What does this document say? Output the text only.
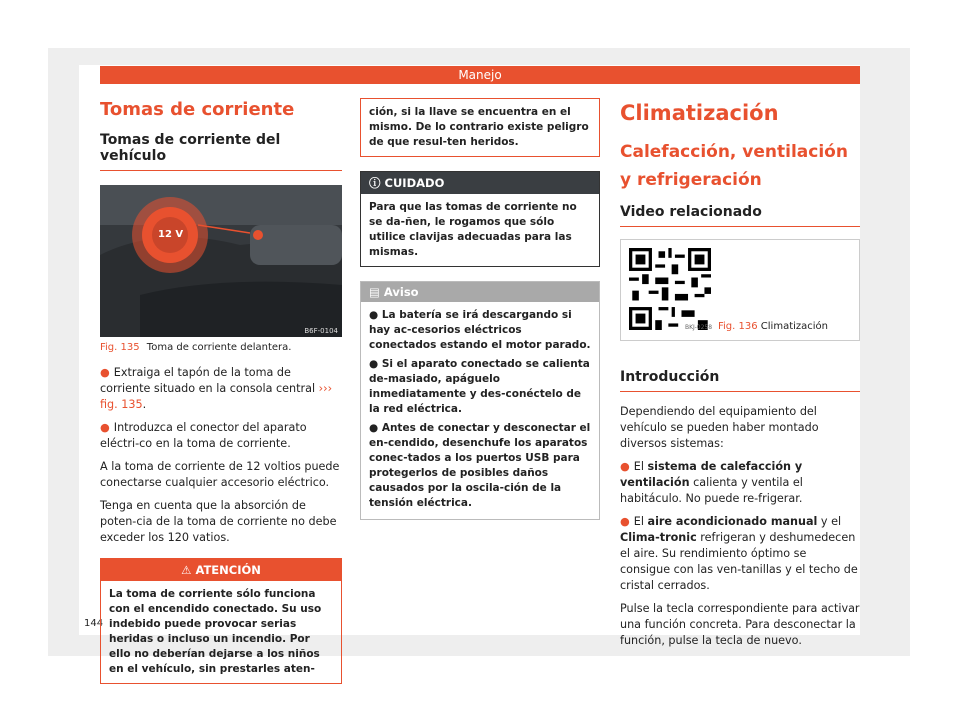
Manejo
144
Tomas de corriente
Tomas de corriente del vehículo
12 V
B6F-0104
Fig. 135 Toma de corriente delantera.

● Extraiga el tapón de la toma de corriente situado en la consola central ››› fig. 135.

● Introduzca el conector del aparato eléctri-co en la toma de corriente.

A la toma de corriente de 12 voltios puede conectarse cualquier accesorio eléctrico.

Tenga en cuenta que la absorción de poten-cia de la toma de corriente no debe exceder los 120 vatios.

⚠ ATENCIÓN
La toma de corriente sólo funciona con el encendido conectado. Su uso indebido puede provocar serias heridas o incluso un incendio. Por ello no deberían dejarse a los niños en el vehículo, sin prestarles aten-
ción, si la llave se encuentra en el mismo. De lo contrario existe peligro de que resul-ten heridos.
ⓘ CUIDADO
Para que las tomas de corriente no se da-ñen, le rogamos que sólo utilice clavijas adecuadas para las mismas.
▤ Aviso

● La batería se irá descargando si hay ac-cesorios eléctricos conectados estando el motor parado.

● Si el aparato conectado se calienta de-masiado, apáguelo inmediatamente y des-conéctelo de la red eléctrica.

● Antes de conectar y desconectar el en-cendido, desenchufe los aparatos conec-tados a los puertos USB para protegerlos de posibles daños causados por la oscila-ción de la tensión eléctrica.

Climatización
Calefacción, ventilación y refrigeración
Video relacionado
BKJ-0258 Fig. 136 Climatización
Introducción

Dependiendo del equipamiento del vehículo se pueden haber montado diversos sistemas:

● El sistema de calefacción y ventilación calienta y ventila el habitáculo. No puede re-frigerar.

● El aire acondicionado manual y el Clima-tronic refrigeran y deshumedecen el aire. Su rendimiento óptimo se consigue con las ven-tanillas y el techo de cristal cerrados.

Pulse la tecla correspondiente para activar una función concreta. Para desconectar la función, pulse la tecla de nuevo.
